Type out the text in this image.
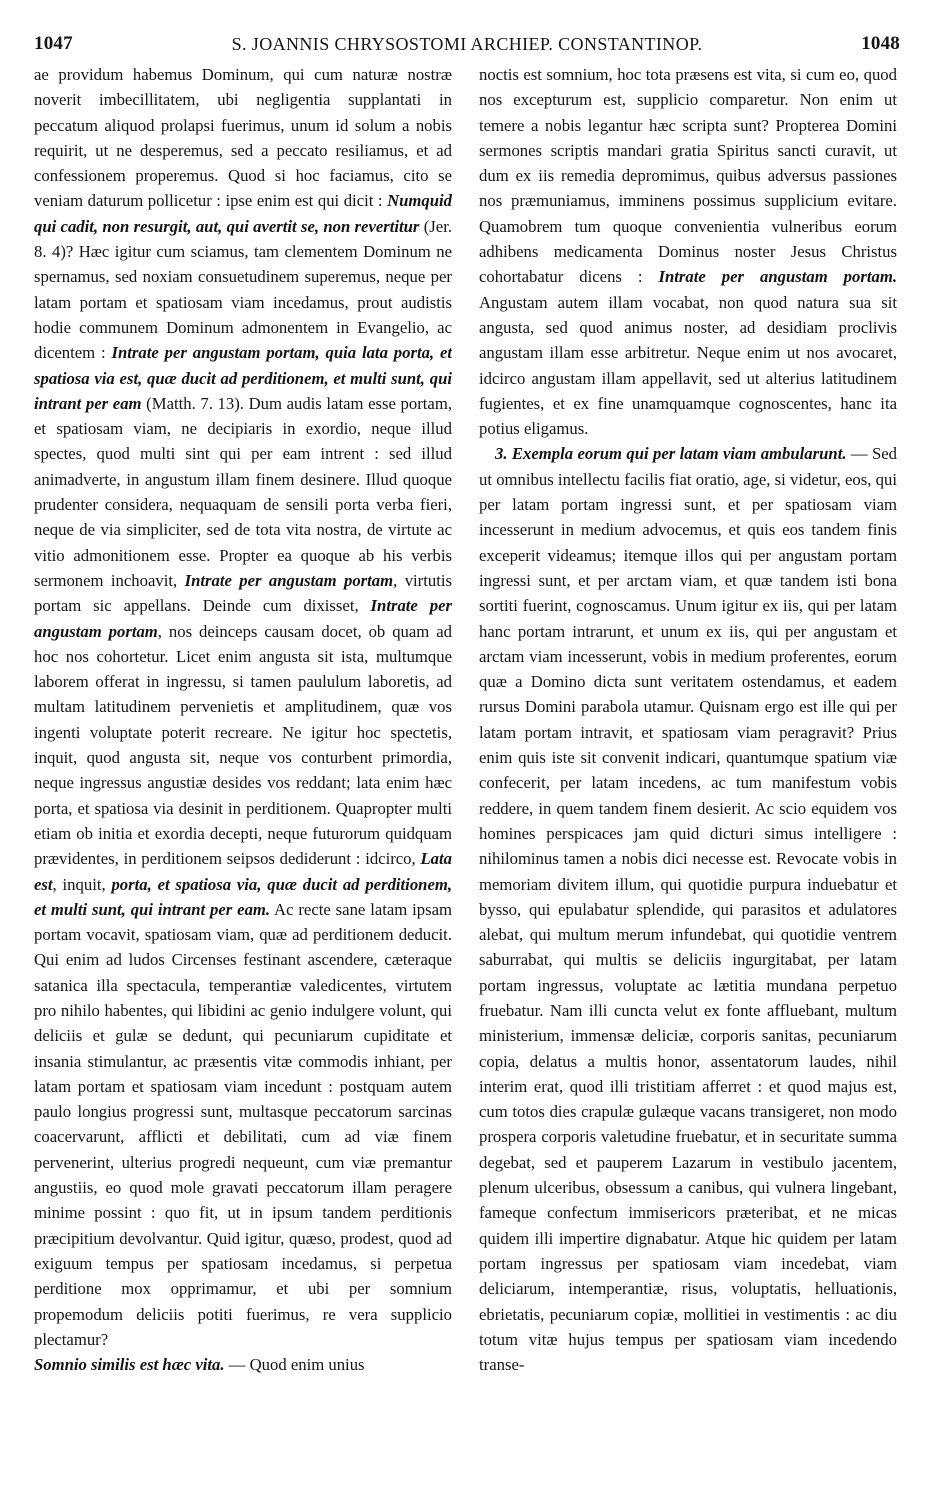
1047	S. JOANNIS CHRYSOSTOMI ARCHIEP. CONSTANTINOP.	1048

ae providum habemus Dominum, qui cum naturæ nostræ noverit imbecillitatem, ubi negligentia supplantati in peccatum aliquod prolapsi fuerimus, unum id solum a nobis requirit, ut ne desperemus, sed a peccato resiliamus, et ad confessionem properemus. Quod si hoc faciamus, cito se veniam daturum pollicetur : ipse enim est qui dicit : Numquid qui cadit, non resurgit, aut, qui avertit se, non revertitur (Jer. 8. 4)? Hæc igitur cum sciamus, tam clementem Dominum ne spernamus, sed noxiam consuetudinem superemus, neque per latam portam et spatiosam viam incedamus, prout audistis hodie communem Dominum admonentem in Evangelio, ac dicentem : Intrate per angustam portam, quia lata porta, et spatiosa via est, quæ ducit ad perditionem, et multi sunt, qui intrant per eam (Matth. 7. 13). Dum audis latam esse portam, et spatiosam viam, ne decipiaris in exordio, neque illud spectes, quod multi sint qui per eam intrent : sed illud animadverte, in angustum illam finem desinere. Illud quoque prudenter considera, nequaquam de sensili porta verba fieri, neque de via simpliciter, sed de tota vita nostra, de virtute ac vitio admonitionem esse. Propter ea quoque ab his verbis sermonem inchoavit, Intrate per angustam portam, virtutis portam sic appellans. Deinde cum dixisset, Intrate per angustam portam, nos deinceps causam docet, ob quam ad hoc nos cohortetur. Licet enim angusta sit ista, multumque laborem offerat in ingressu, si tamen paululum laboretis, ad multam latitudinem pervenietis et amplitudinem, quæ vos ingenti voluptate poterit recreare. Ne igitur hoc spectetis, inquit, quod angusta sit, neque vos conturbent primordia, neque ingressus angustiæ desides vos reddant; lata enim hæc porta, et spatiosa via desinit in perditionem. Quapropter multi etiam ob initia et exordia decepti, neque futurorum quidquam prævidentes, in perditionem seipsos dediderunt : idcirco, Lata est, inquit, porta, et spatiosa via, quæ ducit ad perditionem, et multi sunt, qui intrant per eam. Ac recte sane latam ipsam portam vocavit, spatiosam viam, quæ ad perditionem deducit. Qui enim ad ludos Circenses festinant ascendere, cæteraque satanica illa spectacula, temperantiæ valedicentes, virtutem pro nihilo habentes, qui libidini ac genio indulgere volunt, qui deliciis et gulæ se dedunt, qui pecuniarum cupiditate et insania stimulantur, ac præsentis vitæ commodis inhiant, per latam portam et spatiosam viam incedunt : postquam autem paulo longius progressi sunt, multasque peccatorum sarcinas coacervarunt, afflicti et debilitati, cum ad viæ finem pervenerint, ulterius progredi nequeunt, cum viæ premantur angustiis, eo quod mole gravati peccatorum illam peragere minime possint : quo fit, ut in ipsum tandem perditionis præcipitium devolvantur. Quid igitur, quæso, prodest, quod ad exiguum tempus per spatiosam incedamus, si perpetua perditione mox opprimamur, et ubi per somnium propemodum deliciis potiti fuerimus, re vera supplicio plectamur?

Somnio similis est hæc vita. — Quod enim unius

noctis est somnium, hoc tota præsens est vita, si cum eo, quod nos excepturum est, supplicio comparetur. Non enim ut temere a nobis legantur hæc scripta sunt? Propterea Domini sermones scriptis mandari gratia Spiritus sancti curavit, ut dum ex iis remedia depromimus, quibus adversus passiones nos præmuniamus, imminens possimus supplicium evitare. Quamobrem tum quoque convenientia vulneribus eorum adhibens medicamenta Dominus noster Jesus Christus cohortabatur dicens : Intrate per angustam portam. Angustam autem illam vocabat, non quod natura sua sit angusta, sed quod animus noster, ad desidiam proclivis angustam illam esse arbitretur. Neque enim ut nos avocaret, idcirco angustam illam appellavit, sed ut alterius latitudinem fugientes, et ex fine unamquamque cognoscentes, hanc ita potius eligamus.

3. Exempla eorum qui per latam viam ambularunt. — Sed ut omnibus intellectu facilis fiat oratio, age, si videtur, eos, qui per latam portam ingressi sunt, et per spatiosam viam incesserunt in medium advocemus, et quis eos tandem finis exceperit videamus; itemque illos qui per angustam portam ingressi sunt, et per arctam viam, et quæ tandem isti bona sortiti fuerint, cognoscamus. Unum igitur ex iis, qui per latam hanc portam intrarunt, et unum ex iis, qui per angustam et arctam viam incesserunt, vobis in medium proferentes, eorum quæ a Domino dicta sunt veritatem ostendamus, et eadem rursus Domini parabola utamur. Quisnam ergo est ille qui per latam portam intravit, et spatiosam viam peragravit? Prius enim quis iste sit convenit indicari, quantumque spatium viæ confecerit, per latam incedens, ac tum manifestum vobis reddere, in quem tandem finem desierit. Ac scio equidem vos homines perspicaces jam quid dicturi simus intelligere : nihilominus tamen a nobis dici necesse est. Revocate vobis in memoriam divitem illum, qui quotidie purpura induebatur et bysso, qui epulabatur splendide, qui parasitos et adulatores alebat, qui multum merum infundebat, qui quotidie ventrem saburrabat, qui multis se deliciis ingurgitabat, per latam portam ingressus, voluptate ac lætitia mundana perpetuo fruebatur. Nam illi cuncta velut ex fonte affluebant, multum ministerium, immensæ deliciæ, corporis sanitas, pecuniarum copia, delatus a multis honor, assentatorum laudes, nihil interim erat, quod illi tristitiam afferret : et quod majus est, cum totos dies crapulæ gulæque vacans transigeret, non modo prospera corporis valetudine fruebatur, et in securitate summa degebat, sed et pauperem Lazarum in vestibulo jacentem, plenum ulceribus, obsessum a canibus, qui vulnera lingebant, fameque confectum immisericors præteribat, et ne micas quidem illi impertire dignabatur. Atque hic quidem per latam portam ingressus per spatiosam viam incedebat, viam deliciarum, intemperantiæ, risus, voluptatis, helluationis, ebrietatis, pecuniarum copiæ, mollitiei in vestimentis : ac diu totum vitæ hujus tempus per spatiosam viam incedendo transe-
